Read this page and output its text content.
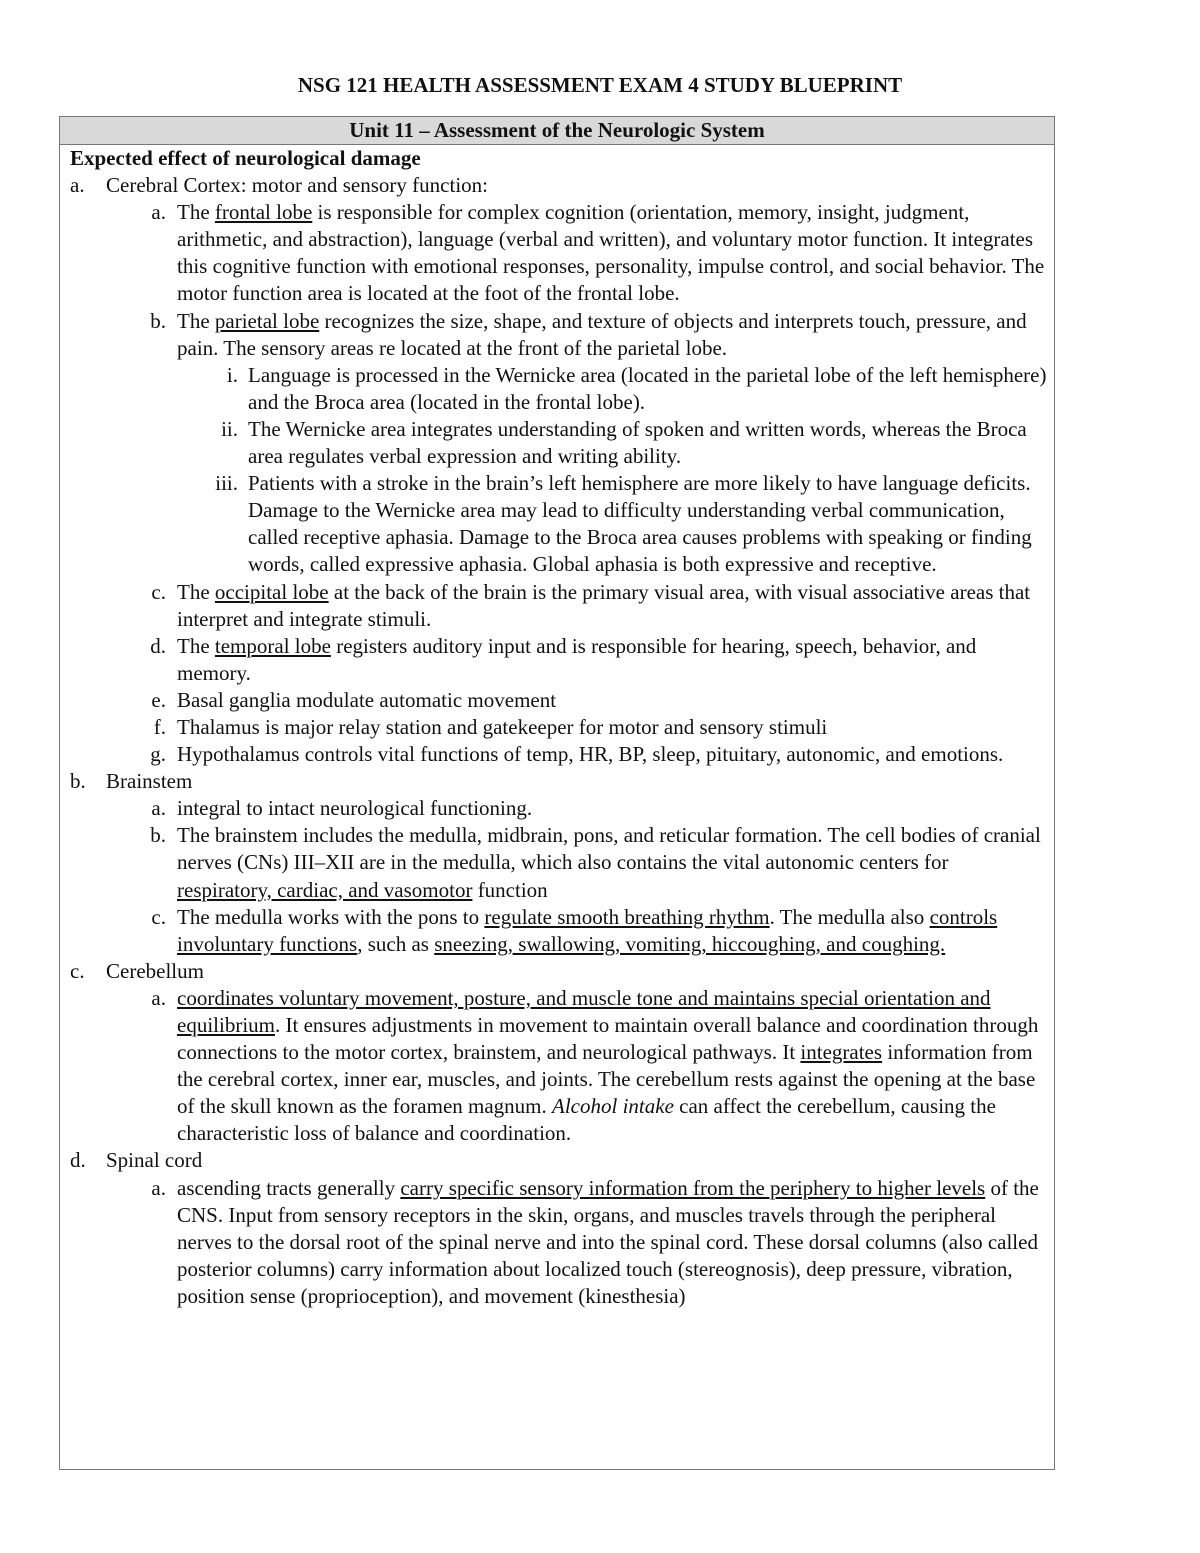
NSG 121 HEALTH ASSESSMENT EXAM 4 STUDY BLUEPRINT
Unit 11 – Assessment of the Neurologic System
Expected effect of neurological damage
a. Cerebral Cortex: motor and sensory function:
a. The frontal lobe is responsible for complex cognition (orientation, memory, insight, judgment, arithmetic, and abstraction), language (verbal and written), and voluntary motor function. It integrates this cognitive function with emotional responses, personality, impulse control, and social behavior. The motor function area is located at the foot of the frontal lobe.
b. The parietal lobe recognizes the size, shape, and texture of objects and interprets touch, pressure, and pain. The sensory areas re located at the front of the parietal lobe.
i. Language is processed in the Wernicke area (located in the parietal lobe of the left hemisphere) and the Broca area (located in the frontal lobe).
ii. The Wernicke area integrates understanding of spoken and written words, whereas the Broca area regulates verbal expression and writing ability.
iii. Patients with a stroke in the brain’s left hemisphere are more likely to have language deficits. Damage to the Wernicke area may lead to difficulty understanding verbal communication, called receptive aphasia. Damage to the Broca area causes problems with speaking or finding words, called expressive aphasia. Global aphasia is both expressive and receptive.
c. The occipital lobe at the back of the brain is the primary visual area, with visual associative areas that interpret and integrate stimuli.
d. The temporal lobe registers auditory input and is responsible for hearing, speech, behavior, and memory.
e. Basal ganglia modulate automatic movement
f. Thalamus is major relay station and gatekeeper for motor and sensory stimuli
g. Hypothalamus controls vital functions of temp, HR, BP, sleep, pituitary, autonomic, and emotions.
b. Brainstem
a. integral to intact neurological functioning.
b. The brainstem includes the medulla, midbrain, pons, and reticular formation. The cell bodies of cranial nerves (CNs) III–XII are in the medulla, which also contains the vital autonomic centers for respiratory, cardiac, and vasomotor function
c. The medulla works with the pons to regulate smooth breathing rhythm. The medulla also controls involuntary functions, such as sneezing, swallowing, vomiting, hiccoughing, and coughing.
c. Cerebellum
a. coordinates voluntary movement, posture, and muscle tone and maintains special orientation and equilibrium. It ensures adjustments in movement to maintain overall balance and coordination through connections to the motor cortex, brainstem, and neurological pathways. It integrates information from the cerebral cortex, inner ear, muscles, and joints. The cerebellum rests against the opening at the base of the skull known as the foramen magnum. Alcohol intake can affect the cerebellum, causing the characteristic loss of balance and coordination.
d. Spinal cord
a. ascending tracts generally carry specific sensory information from the periphery to higher levels of the CNS. Input from sensory receptors in the skin, organs, and muscles travels through the peripheral nerves to the dorsal root of the spinal nerve and into the spinal cord. These dorsal columns (also called posterior columns) carry information about localized touch (stereognosis), deep pressure, vibration, position sense (proprioception), and movement (kinesthesia)
